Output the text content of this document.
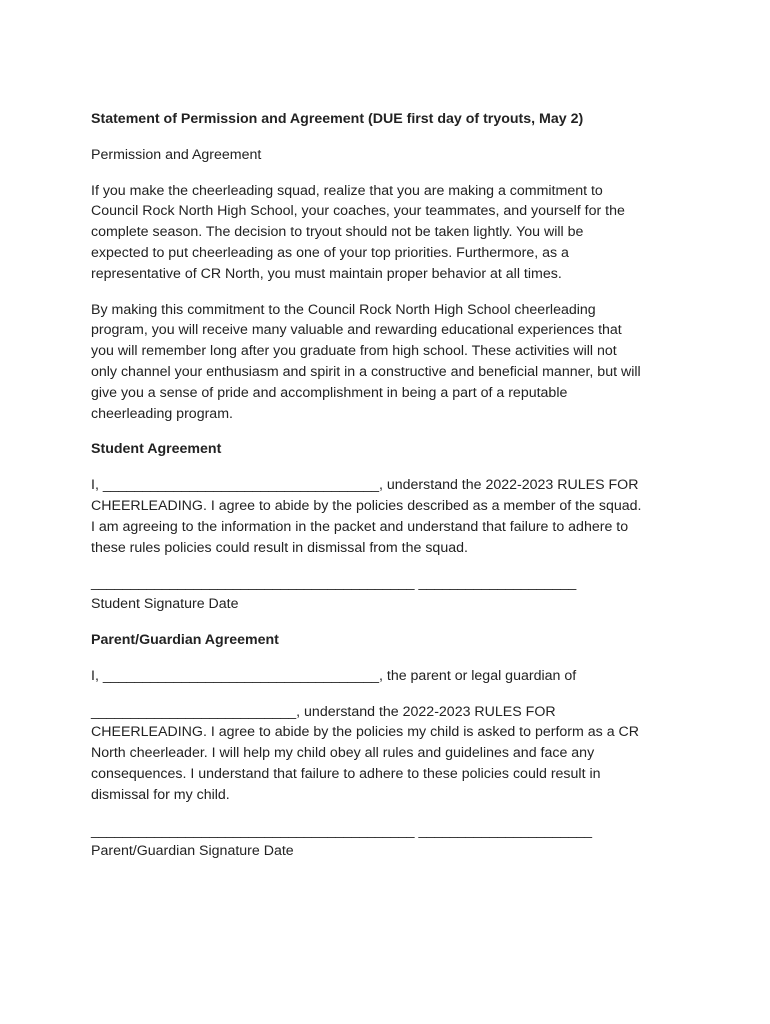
Statement of Permission and Agreement (DUE first day of tryouts, May 2)

Permission and Agreement

If you make the cheerleading squad, realize that you are making a commitment to
Council Rock North High School, your coaches, your teammates, and yourself for the
complete season. The decision to tryout should not be taken lightly. You will be
expected to put cheerleading as one of your top priorities. Furthermore, as a
representative of CR North, you must maintain proper behavior at all times.
By making this commitment to the Council Rock North High School cheerleading
program, you will receive many valuable and rewarding educational experiences that
you will remember long after you graduate from high school. These activities will not
only channel your enthusiasm and spirit in a constructive and beneficial manner, but will
give you a sense of pride and accomplishment in being a part of a reputable
cheerleading program.

Student Agreement

I, ___________________________________, understand the 2022-2023 RULES FOR
CHEERLEADING. I agree to abide by the policies described as a member of the squad.
I am agreeing to the information in the packet and understand that failure to adhere to
these rules policies could result in dismissal from the squad.
_________________________________________ ____________________
Student Signature Date

Parent/Guardian Agreement

I, ___________________________________, the parent or legal guardian of

__________________________, understand the 2022-2023 RULES FOR
CHEERLEADING. I agree to abide by the policies my child is asked to perform as a CR
North cheerleader. I will help my child obey all rules and guidelines and face any
consequences. I understand that failure to adhere to these policies could result in
dismissal for my child.
_________________________________________ ______________________
Parent/Guardian Signature Date
